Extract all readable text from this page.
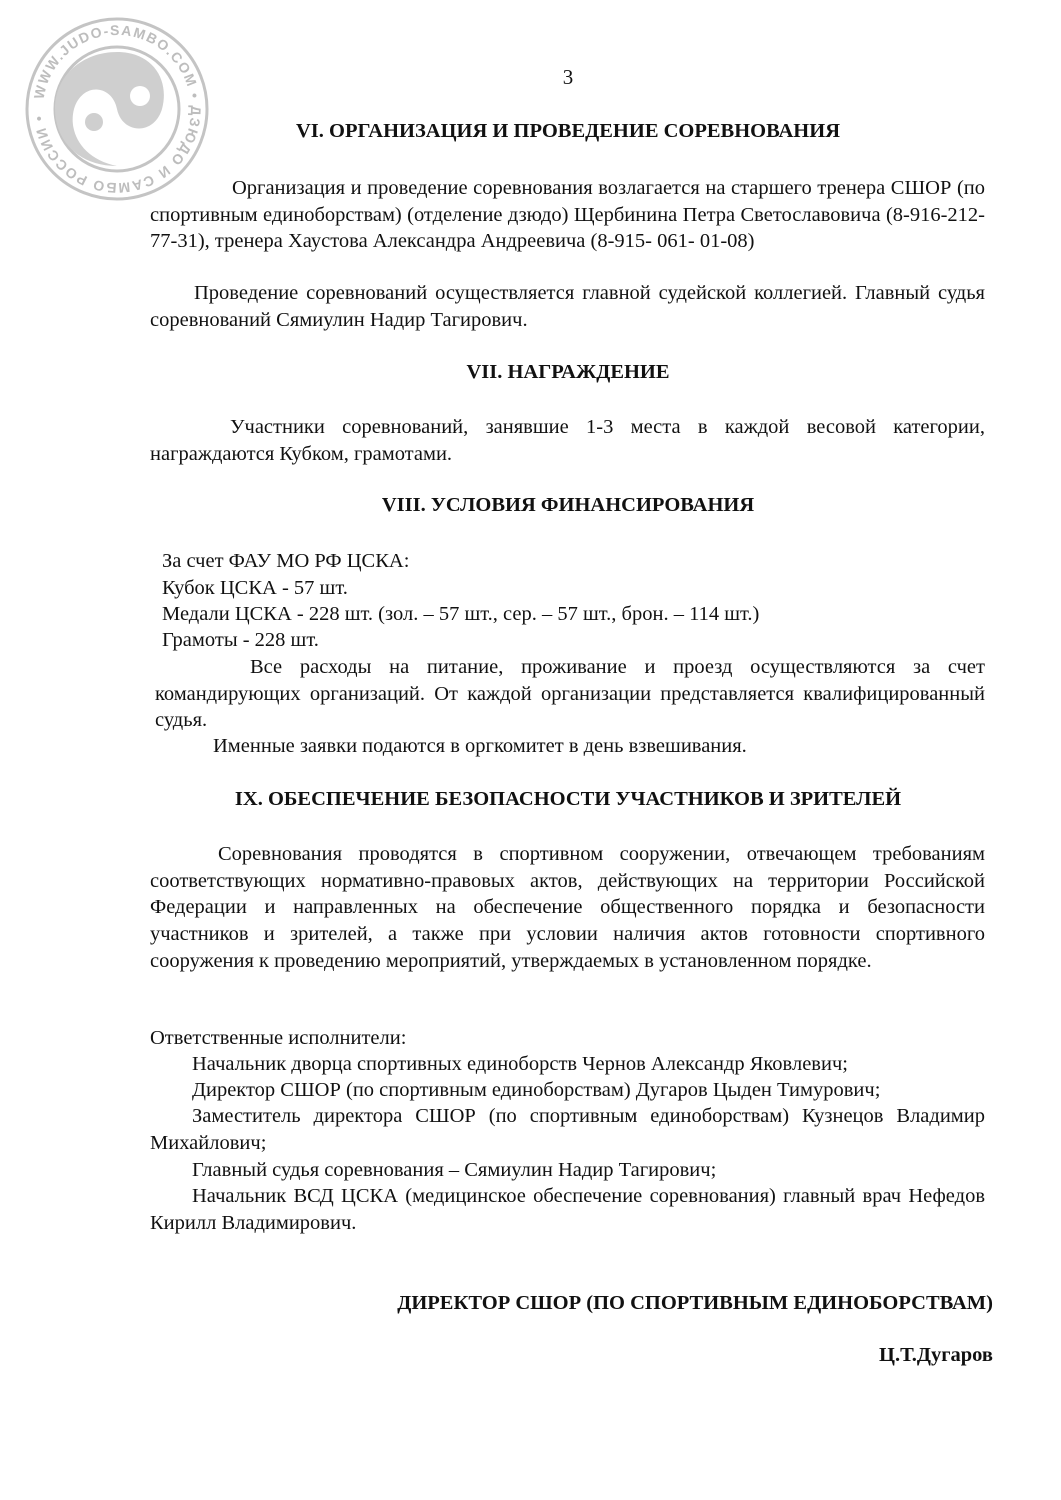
WWW.JUDO-SAMBO.COM • ДЗЮДО И САМБО РОССИИ •
3
VI. ОРГАНИЗАЦИЯ И ПРОВЕДЕНИЕ СОРЕВНОВАНИЯ

Организация и проведение соревнования возлагается на старшего тренера СШОР (по спортивным единоборствам) (отделение дзюдо) Щербинина Петра Светославовича (8-916-212-77-31), тренера Хаустова Александра Андреевича (8-915- 061- 01-08)

Проведение соревнований осуществляется главной судейской коллегией. Главный судья соревнований Сямиулин Надир Тагирович.

VII. НАГРАЖДЕНИЕ

Участники соревнований, занявшие 1-3 места в каждой весовой категории, награждаются Кубком, грамотами.

VIII. УСЛОВИЯ ФИНАНСИРОВАНИЯ

За счет ФАУ МО РФ ЦСКА:

Кубок ЦСКА - 57 шт.

Медали ЦСКА - 228 шт. (зол. – 57 шт., сер. – 57 шт., брон. – 114 шт.)

Грамоты - 228 шт.

Все расходы на питание, проживание и проезд осуществляются за счет командирующих организаций. От каждой организации представляется квалифицированный судья.

Именные заявки подаются в оргкомитет в день взвешивания.

IX. ОБЕСПЕЧЕНИЕ БЕЗОПАСНОСТИ УЧАСТНИКОВ И ЗРИТЕЛЕЙ

Соревнования проводятся в спортивном сооружении, отвечающем требованиям соответствующих нормативно-правовых актов, действующих на территории Российской Федерации и направленных на обеспечение общественного порядка и безопасности участников и зрителей, а также при условии наличия актов готовности спортивного сооружения к проведению мероприятий, утверждаемых в установленном порядке.

Ответственные исполнители:

Начальник дворца спортивных единоборств Чернов Александр Яковлевич;

Директор СШОР (по спортивным единоборствам) Дугаров Цыден Тимурович;

Заместитель директора СШОР (по спортивным единоборствам) Кузнецов Владимир Михайлович;

Главный судья соревнования – Сямиулин Надир Тагирович;

Начальник ВСД ЦСКА (медицинское обеспечение соревнования) главный врач Нефедов Кирилл Владимирович.

ДИРЕКТОР СШОР (ПО СПОРТИВНЫМ ЕДИНОБОРСТВАМ)

Ц.Т.Дугаров
